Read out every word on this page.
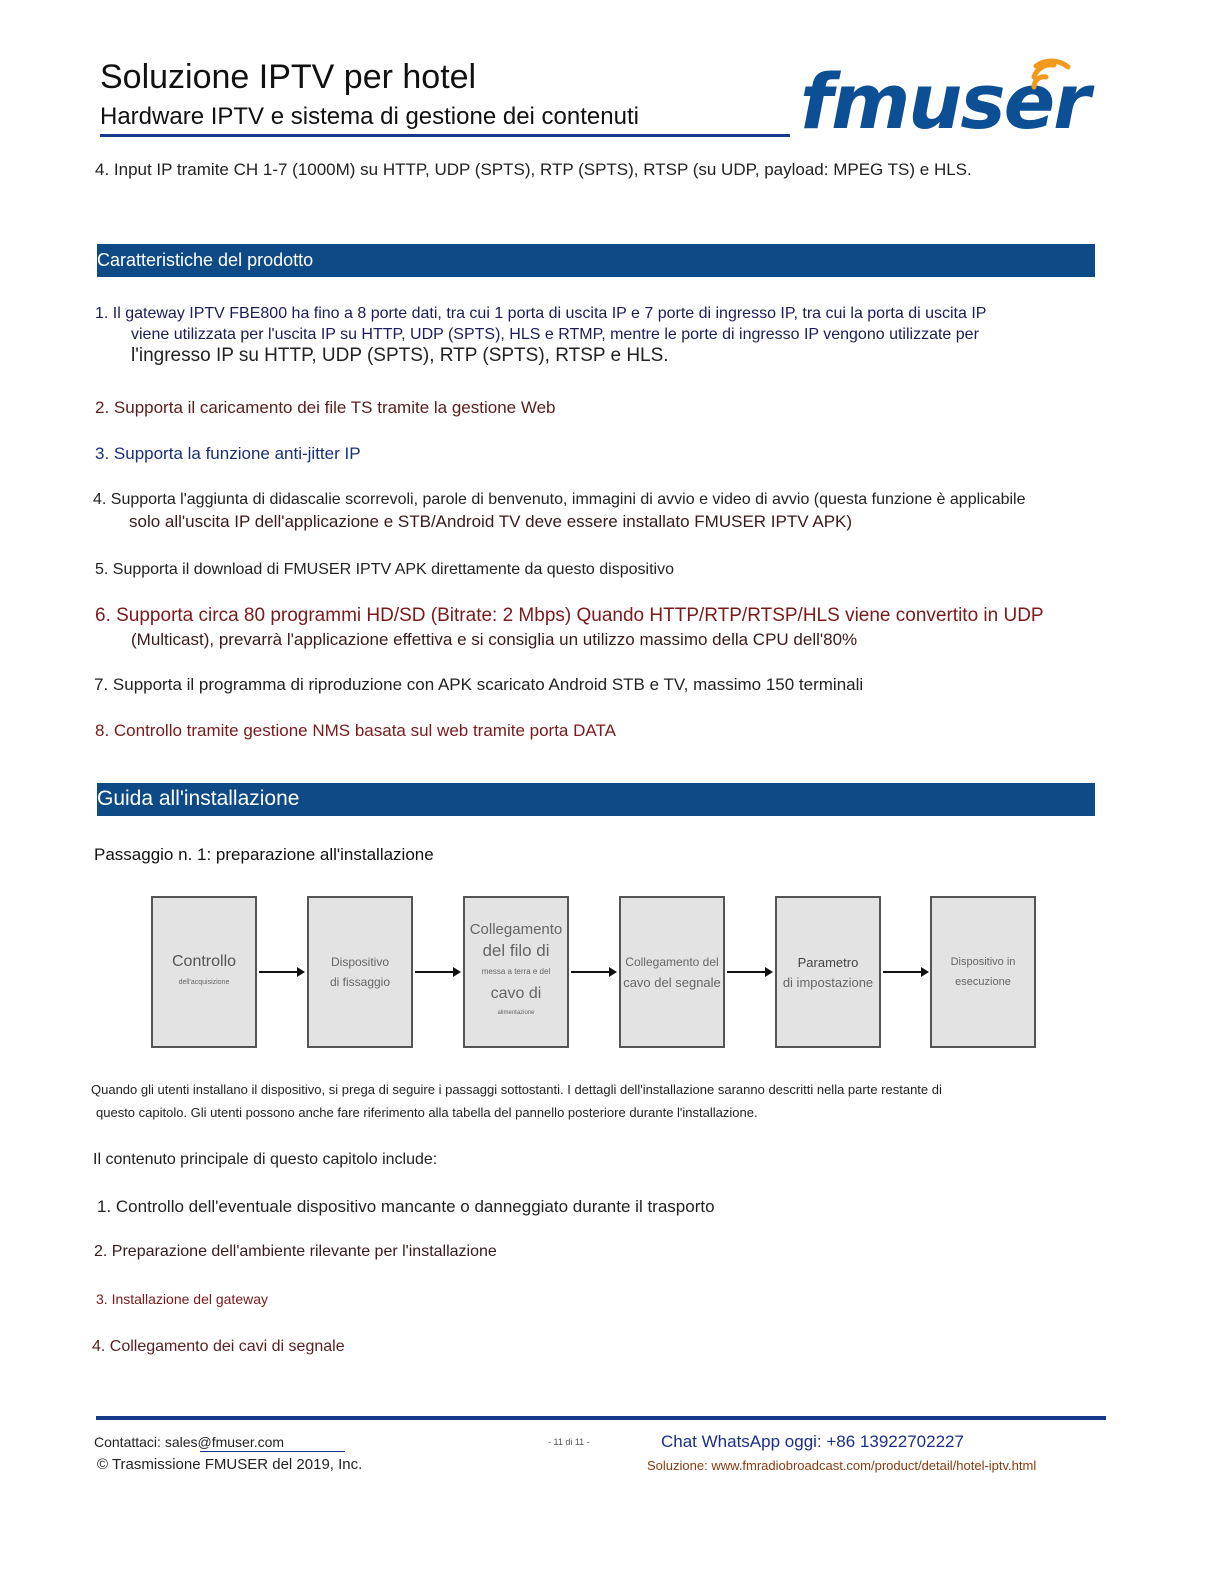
Soluzione IPTV per hotel
Hardware IPTV e sistema di gestione dei contenuti fmuser
4. Input IP tramite CH 1-7 (1000M) su HTTP, UDP (SPTS), RTP (SPTS), RTSP (su UDP, payload: MPEG TS) e HLS.
Caratteristiche del prodotto
1. Il gateway IPTV FBE800 ha fino a 8 porte dati, tra cui 1 porta di uscita IP e 7 porte di ingresso IP, tra cui la porta di uscita IP
viene utilizzata per l'uscita IP su HTTP, UDP (SPTS), HLS e RTMP, mentre le porte di ingresso IP vengono utilizzate per
l'ingresso IP su HTTP, UDP (SPTS), RTP (SPTS), RTSP e HLS.
2. Supporta il caricamento dei file TS tramite la gestione Web
3. Supporta la funzione anti-jitter IP
4. Supporta l'aggiunta di didascalie scorrevoli, parole di benvenuto, immagini di avvio e video di avvio (questa funzione è applicabile
solo all'uscita IP dell'applicazione e STB/Android TV deve essere installato FMUSER IPTV APK)
5. Supporta il download di FMUSER IPTV APK direttamente da questo dispositivo
6. Supporta circa 80 programmi HD/SD (Bitrate: 2 Mbps) Quando HTTP/RTP/RTSP/HLS viene convertito in UDP
(Multicast), prevarrà l'applicazione effettiva e si consiglia un utilizzo massimo della CPU dell'80%
7. Supporta il programma di riproduzione con APK scaricato Android STB e TV, massimo 150 terminali
8. Controllo tramite gestione NMS basata sul web tramite porta DATA
Guida all'installazione
Passaggio n. 1: preparazione all'installazione
Controllo
dell'acquisizione
Dispositivo
di fissaggio
Collegamento
del filo di
messa a terra e del
cavo di
alimentazione
Collegamento del
cavo del segnale
Parametro
di impostazione
Dispositivo in
esecuzione
Quando gli utenti installano il dispositivo, si prega di seguire i passaggi sottostanti. I dettagli dell'installazione saranno descritti nella parte restante di
questo capitolo. Gli utenti possono anche fare riferimento alla tabella del pannello posteriore durante l'installazione.
Il contenuto principale di questo capitolo include:
1. Controllo dell'eventuale dispositivo mancante o danneggiato durante il trasporto
2. Preparazione dell'ambiente rilevante per l'installazione
3. Installazione del gateway
4. Collegamento dei cavi di segnale
Contattaci: sales@fmuser.com
© Trasmissione FMUSER del 2019, Inc.
- 11 di 11 -	Chat WhatsApp oggi: +86 13922702227
Soluzione: www.fmradiobroadcast.com/product/detail/hotel-iptv.html
